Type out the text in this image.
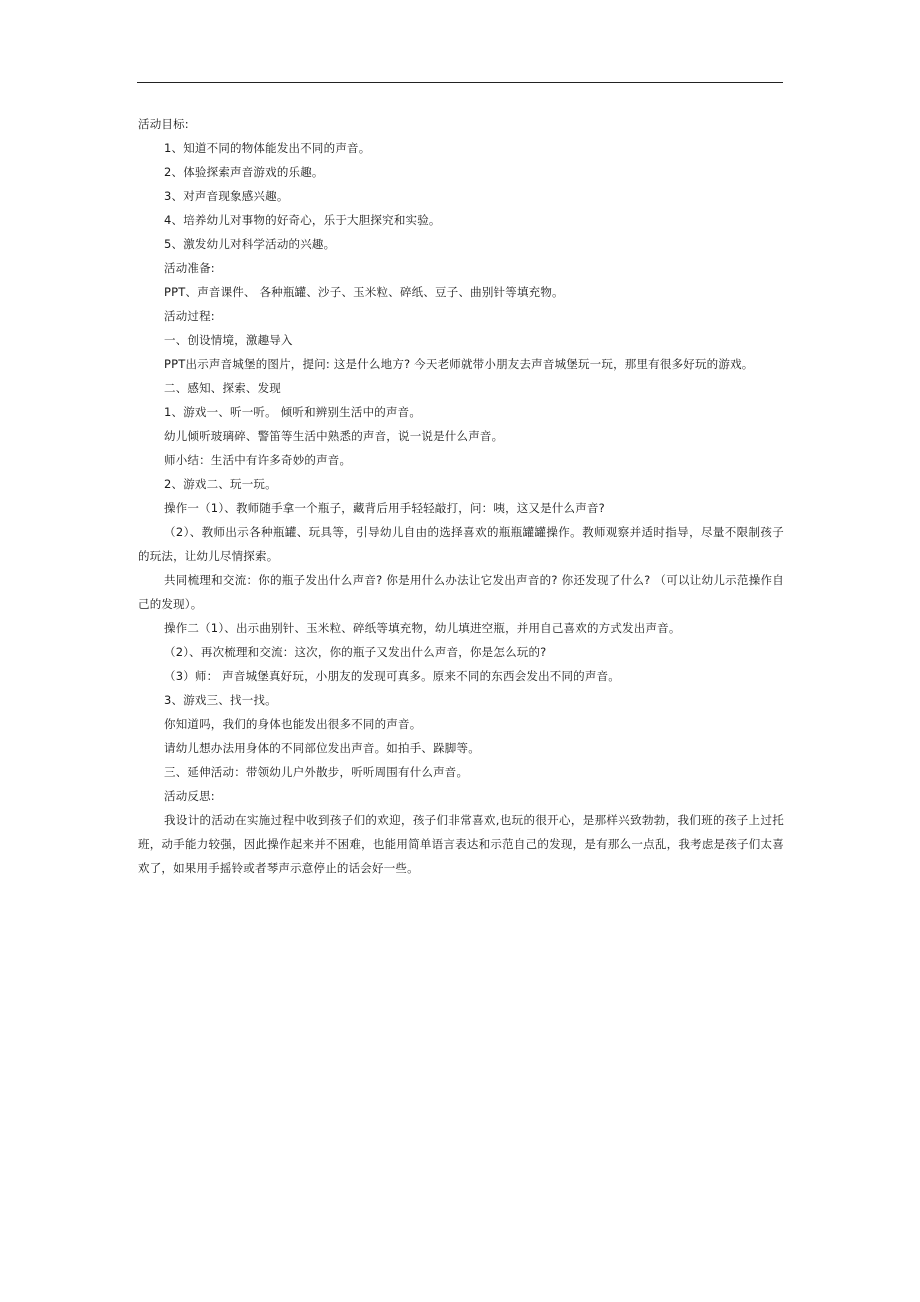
活动目标:
1、知道不同的物体能发出不同的声音。
2、体验探索声音游戏的乐趣。
3、对声音现象感兴趣。
4、培养幼儿对事物的好奇心，乐于大胆探究和实验。
5、激发幼儿对科学活动的兴趣。
活动准备:
PPT、声音课件、 各种瓶罐、沙子、玉米粒、碎纸、豆子、曲别针等填充物。
活动过程:
一、创设情境，激趣导入
PPT出示声音城堡的图片，提问: 这是什么地方? 今天老师就带小朋友去声音城堡玩一玩，那里有很多好玩的游戏。
二、感知、探索、发现
1、游戏一、听一听。 倾听和辨别生活中的声音。
幼儿倾听玻璃碎、警笛等生活中熟悉的声音，说一说是什么声音。
师小结：生活中有许多奇妙的声音。
2、游戏二、玩一玩。
操作一（1）、教师随手拿一个瓶子，藏背后用手轻轻敲打，问：咦，这又是什么声音?
（2）、教师出示各种瓶罐、玩具等，引导幼儿自由的选择喜欢的瓶瓶罐罐操作。教师观察并适时指导，尽量不限制孩子的玩法，让幼儿尽情探索。
共同梳理和交流：你的瓶子发出什么声音? 你是用什么办法让它发出声音的? 你还发现了什么? （可以让幼儿示范操作自己的发现）。
操作二（1）、出示曲别针、玉米粒、碎纸等填充物，幼儿填进空瓶，并用自己喜欢的方式发出声音。
（2）、再次梳理和交流：这次，你的瓶子又发出什么声音，你是怎么玩的?
（3）师： 声音城堡真好玩，小朋友的发现可真多。原来不同的东西会发出不同的声音。
3、游戏三、找一找。
你知道吗，我们的身体也能发出很多不同的声音。
请幼儿想办法用身体的不同部位发出声音。如拍手、跺脚等。
三、延伸活动：带领幼儿户外散步，听听周围有什么声音。
活动反思:
我设计的活动在实施过程中收到孩子们的欢迎，孩子们非常喜欢,也玩的很开心，是那样兴致勃勃，我们班的孩子上过托班，动手能力较强，因此操作起来并不困难，也能用简单语言表达和示范自己的发现，是有那么一点乱，我考虑是孩子们太喜欢了，如果用手摇铃或者琴声示意停止的话会好一些。
